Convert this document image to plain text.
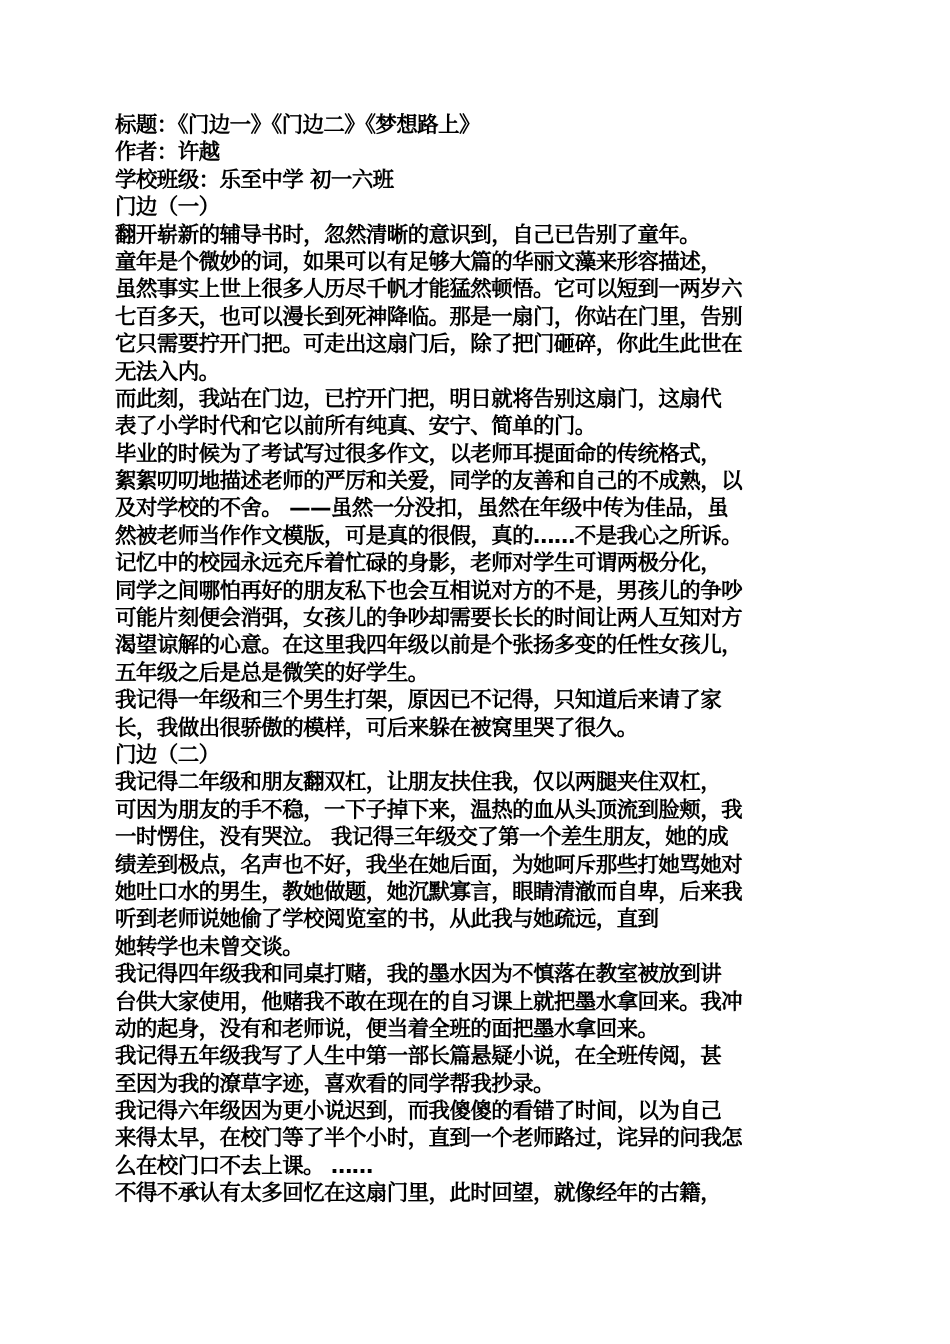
标题：《门边一》《门边二》《梦想路上》
作者：许越
学校班级：乐至中学 初一六班
门边（一）
翻开崭新的辅导书时，忽然清晰的意识到，自己已告别了童年。
童年是个微妙的词，如果可以有足够大篇的华丽文藻来形容描述，
虽然事实上世上很多人历尽千帆才能猛然顿悟。它可以短到一两岁六
七百多天，也可以漫长到死神降临。那是一扇门，你站在门里，告别
它只需要拧开门把。可走出这扇门后，除了把门砸碎，你此生此世在
无法入内。
而此刻，我站在门边，已拧开门把，明日就将告别这扇门，这扇代
表了小学时代和它以前所有纯真、安宁、简单的门。
毕业的时候为了考试写过很多作文，以老师耳提面命的传统格式，
絮絮叨叨地描述老师的严厉和关爱，同学的友善和自己的不成熟，以
及对学校的不舍。 ——虽然一分没扣，虽然在年级中传为佳品，虽
然被老师当作作文模版，可是真的很假，真的……不是我心之所诉。
记忆中的校园永远充斥着忙碌的身影，老师对学生可谓两极分化，
同学之间哪怕再好的朋友私下也会互相说对方的不是，男孩儿的争吵
可能片刻便会消弭，女孩儿的争吵却需要长长的时间让两人互知对方
渴望谅解的心意。在这里我四年级以前是个张扬多变的任性女孩儿，
五年级之后是总是微笑的好学生。
我记得一年级和三个男生打架，原因已不记得，只知道后来请了家
长，我做出很骄傲的模样，可后来躲在被窝里哭了很久。
门边（二）
我记得二年级和朋友翻双杠，让朋友扶住我，仅以两腿夹住双杠，
可因为朋友的手不稳，一下子掉下来，温热的血从头顶流到脸颊，我
一时愣住，没有哭泣。 我记得三年级交了第一个差生朋友，她的成
绩差到极点，名声也不好，我坐在她后面，为她呵斥那些打她骂她对
她吐口水的男生，教她做题，她沉默寡言，眼睛清澈而自卑，后来我
听到老师说她偷了学校阅览室的书，从此我与她疏远，直到
她转学也未曾交谈。
我记得四年级我和同桌打赌，我的墨水因为不慎落在教室被放到讲
台供大家使用，他赌我不敢在现在的自习课上就把墨水拿回来。我冲
动的起身，没有和老师说，便当着全班的面把墨水拿回来。
我记得五年级我写了人生中第一部长篇悬疑小说，在全班传阅，甚
至因为我的潦草字迹，喜欢看的同学帮我抄录。
我记得六年级因为更小说迟到，而我傻傻的看错了时间，以为自己
来得太早，在校门等了半个小时，直到一个老师路过，诧异的问我怎
么在校门口不去上课。 ……
不得不承认有太多回忆在这扇门里，此时回望，就像经年的古籍，
